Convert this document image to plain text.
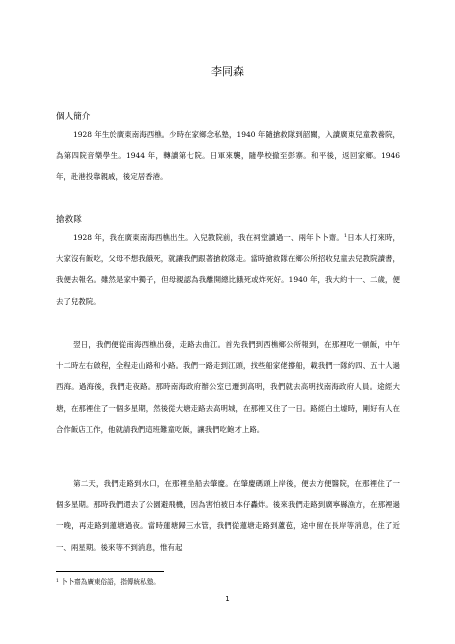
李同森
個人簡介

1928 年生於廣東南海西樵。少時在家鄉念私塾，1940 年隨搶救隊到韶關，入讀廣東兒童教養院，為第四院音樂學生。1944 年，轉讀第七院。日軍來襲，隨學校撤至彭寨。和平後，返回家鄉。1946 年，赴港投靠親戚，後定居香港。

搶救隊

1928 年，我在廣東南海西樵出生。入兒教院前，我在祠堂讀過一、兩年卜卜齋。$^1$日本人打來時，大家沒有飯吃，父母不想我餓死，就讓我們跟著搶救隊走。當時搶救隊在鄉公所招收兒童去兒教院讀書，我便去報名。雖然是家中獨子，但母親認為我離開總比餓死或炸死好。1940 年，我大約十一、二歲，便去了兒教院。

翌日，我們便從南海西樵出發，走路去曲江。首先我們到西樵鄉公所報到，在那裡吃一頓飯，中午十二時左右啟程，全程走山路和小路。我們一路走到江頭，找些船家佬撐船，載我們一隊約四、五十人過西海。過海後，我們走夜路。那時南海政府辦公室已遷到高明，我們就去高明找南海政府人員。途經大塘，在那裡住了一個多星期，然後從大塘走路去高明城，在那裡又住了一日。路經白土墟時，剛好有人在合作飯店工作，他就請我們這班難童吃飯，讓我們吃飽才上路。

第二天，我們走路到水口，在那裡坐船去肇慶。在肇慶碼頭上岸後，便去方便醫院，在那裡住了一個多星期。那時我們還去了公園避飛機，因為害怕被日本仔轟炸。後來我們走路到廣寧縣漁方，在那裡過一晚，再走路到蓮塘過夜。當時蓮塘歸三水管，我們從蓮塘走路到蘆苞，途中留在長岸等消息，住了近一、兩星期。後來等不到消息，惟有起

$^1$ 卜卜齋為廣東俗語，指傳統私塾。
1
